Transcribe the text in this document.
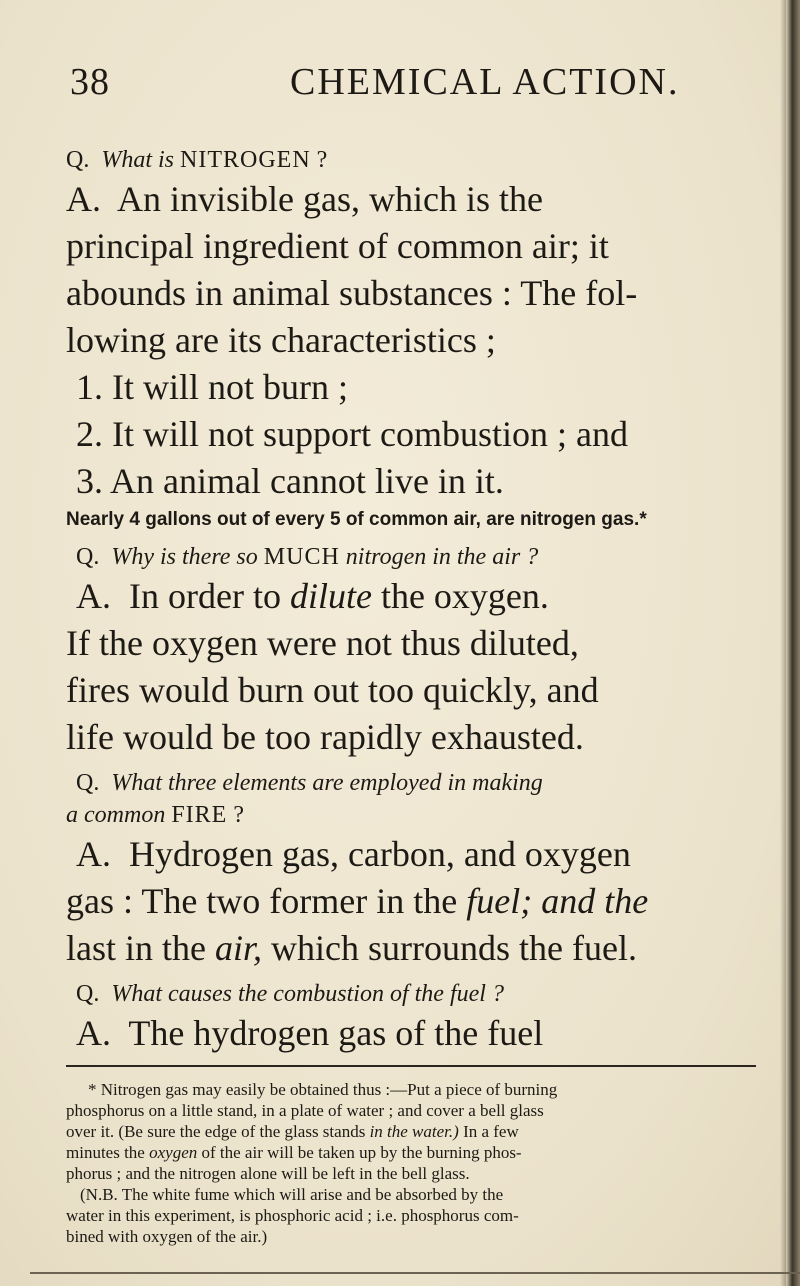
38	CHEMICAL ACTION.
Q. What is NITROGEN ?
A. An invisible gas, which is the
principal ingredient of common air; it
abounds in animal substances : The fol-
lowing are its characteristics ;
1. It will not burn ;
2. It will not support combustion ; and
3. An animal cannot live in it.
Nearly 4 gallons out of every 5 of common air, are nitrogen gas.*
Q. Why is there so MUCH nitrogen in the air ?
A. In order to dilute the oxygen.
If the oxygen were not thus diluted,
fires would burn out too quickly, and
life would be too rapidly exhausted.
Q. What three elements are employed in making
a common FIRE ?
A. Hydrogen gas, carbon, and oxygen
gas : The two former in the fuel; and the
last in the air, which surrounds the fuel.
Q. What causes the combustion of the fuel ?
A. The hydrogen gas of the fuel
* Nitrogen gas may easily be obtained thus :—Put a piece of burning
phosphorus on a little stand, in a plate of water ; and cover a bell glass
over it. (Be sure the edge of the glass stands in the water.) In a few
minutes the oxygen of the air will be taken up by the burning phos-
phorus ; and the nitrogen alone will be left in the bell glass.
(N.B. The white fume which will arise and be absorbed by the
water in this experiment, is phosphoric acid ; i.e. phosphorus com-
bined with oxygen of the air.)
